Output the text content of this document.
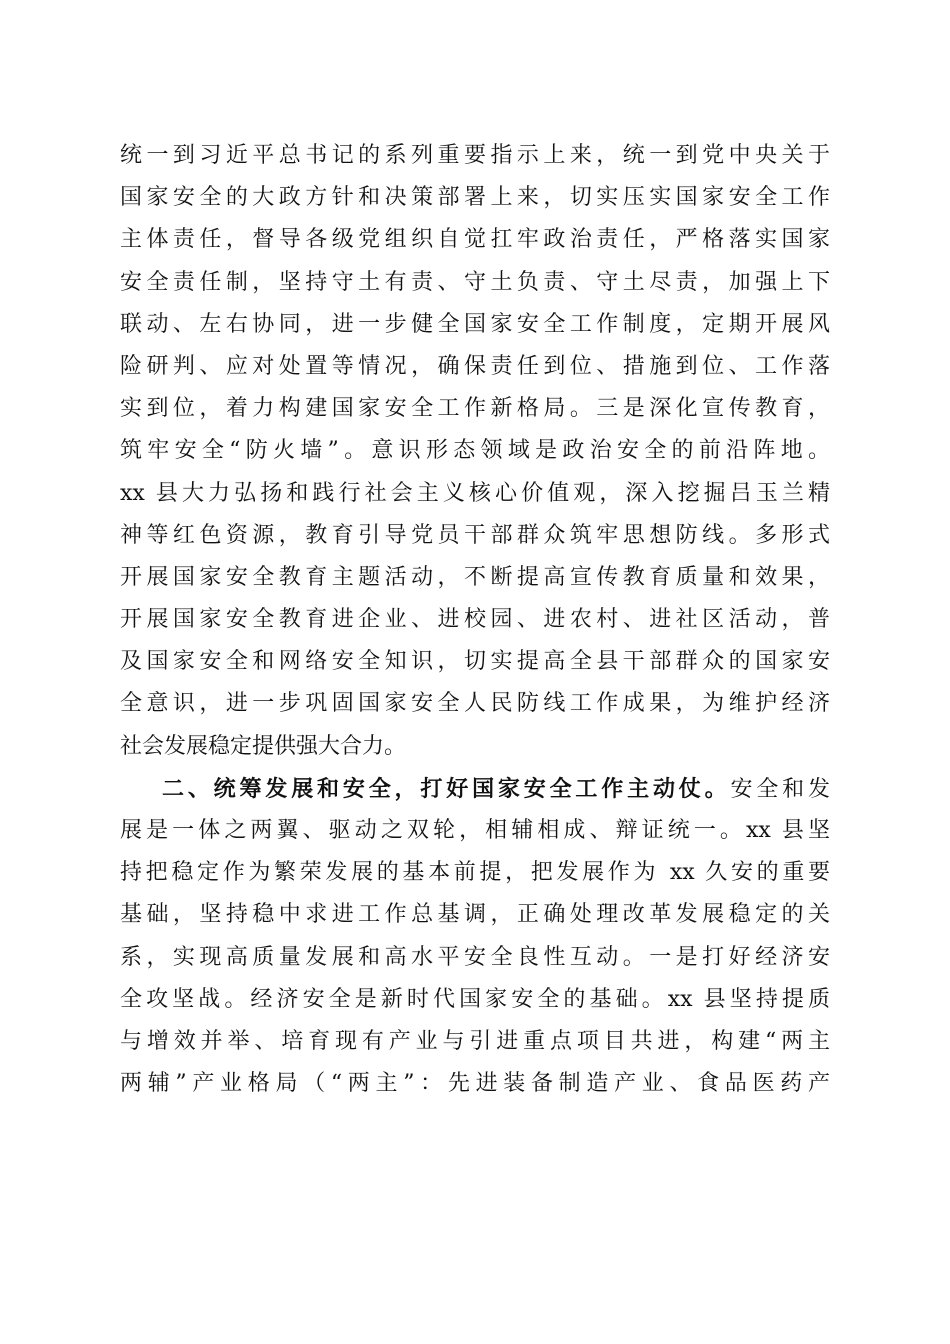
统一到习近平总书记的系列重要指示上来，统一到党中央关于
国家安全的大政方针和决策部署上来，切实压实国家安全工作
主体责任，督导各级党组织自觉扛牢政治责任，严格落实国家
安全责任制，坚持守土有责、守土负责、守土尽责，加强上下
联动、左右协同，进一步健全国家安全工作制度，定期开展风
险研判、应对处置等情况，确保责任到位、措施到位、工作落
实到位，着力构建国家安全工作新格局。三是深化宣传教育，
筑牢安全“防火墙”。意识形态领域是政治安全的前沿阵地。
xx 县大力弘扬和践行社会主义核心价值观，深入挖掘吕玉兰精
神等红色资源，教育引导党员干部群众筑牢思想防线。多形式
开展国家安全教育主题活动，不断提高宣传教育质量和效果，
开展国家安全教育进企业、进校园、进农村、进社区活动，普
及国家安全和网络安全知识，切实提高全县干部群众的国家安
全意识，进一步巩固国家安全人民防线工作成果，为维护经济
社会发展稳定提供强大合力。
二、统筹发展和安全，打好国家安全工作主动仗。安全和发
展是一体之两翼、驱动之双轮，相辅相成、辩证统一。xx 县坚
持把稳定作为繁荣发展的基本前提，把发展作为 xx 久安的重要
基础，坚持稳中求进工作总基调，正确处理改革发展稳定的关
系，实现高质量发展和高水平安全良性互动。一是打好经济安
全攻坚战。经济安全是新时代国家安全的基础。xx 县坚持提质
与增效并举、培育现有产业与引进重点项目共进，构建“两主
两辅”产业格局（“两主”：先进装备制造产业、食品医药产
